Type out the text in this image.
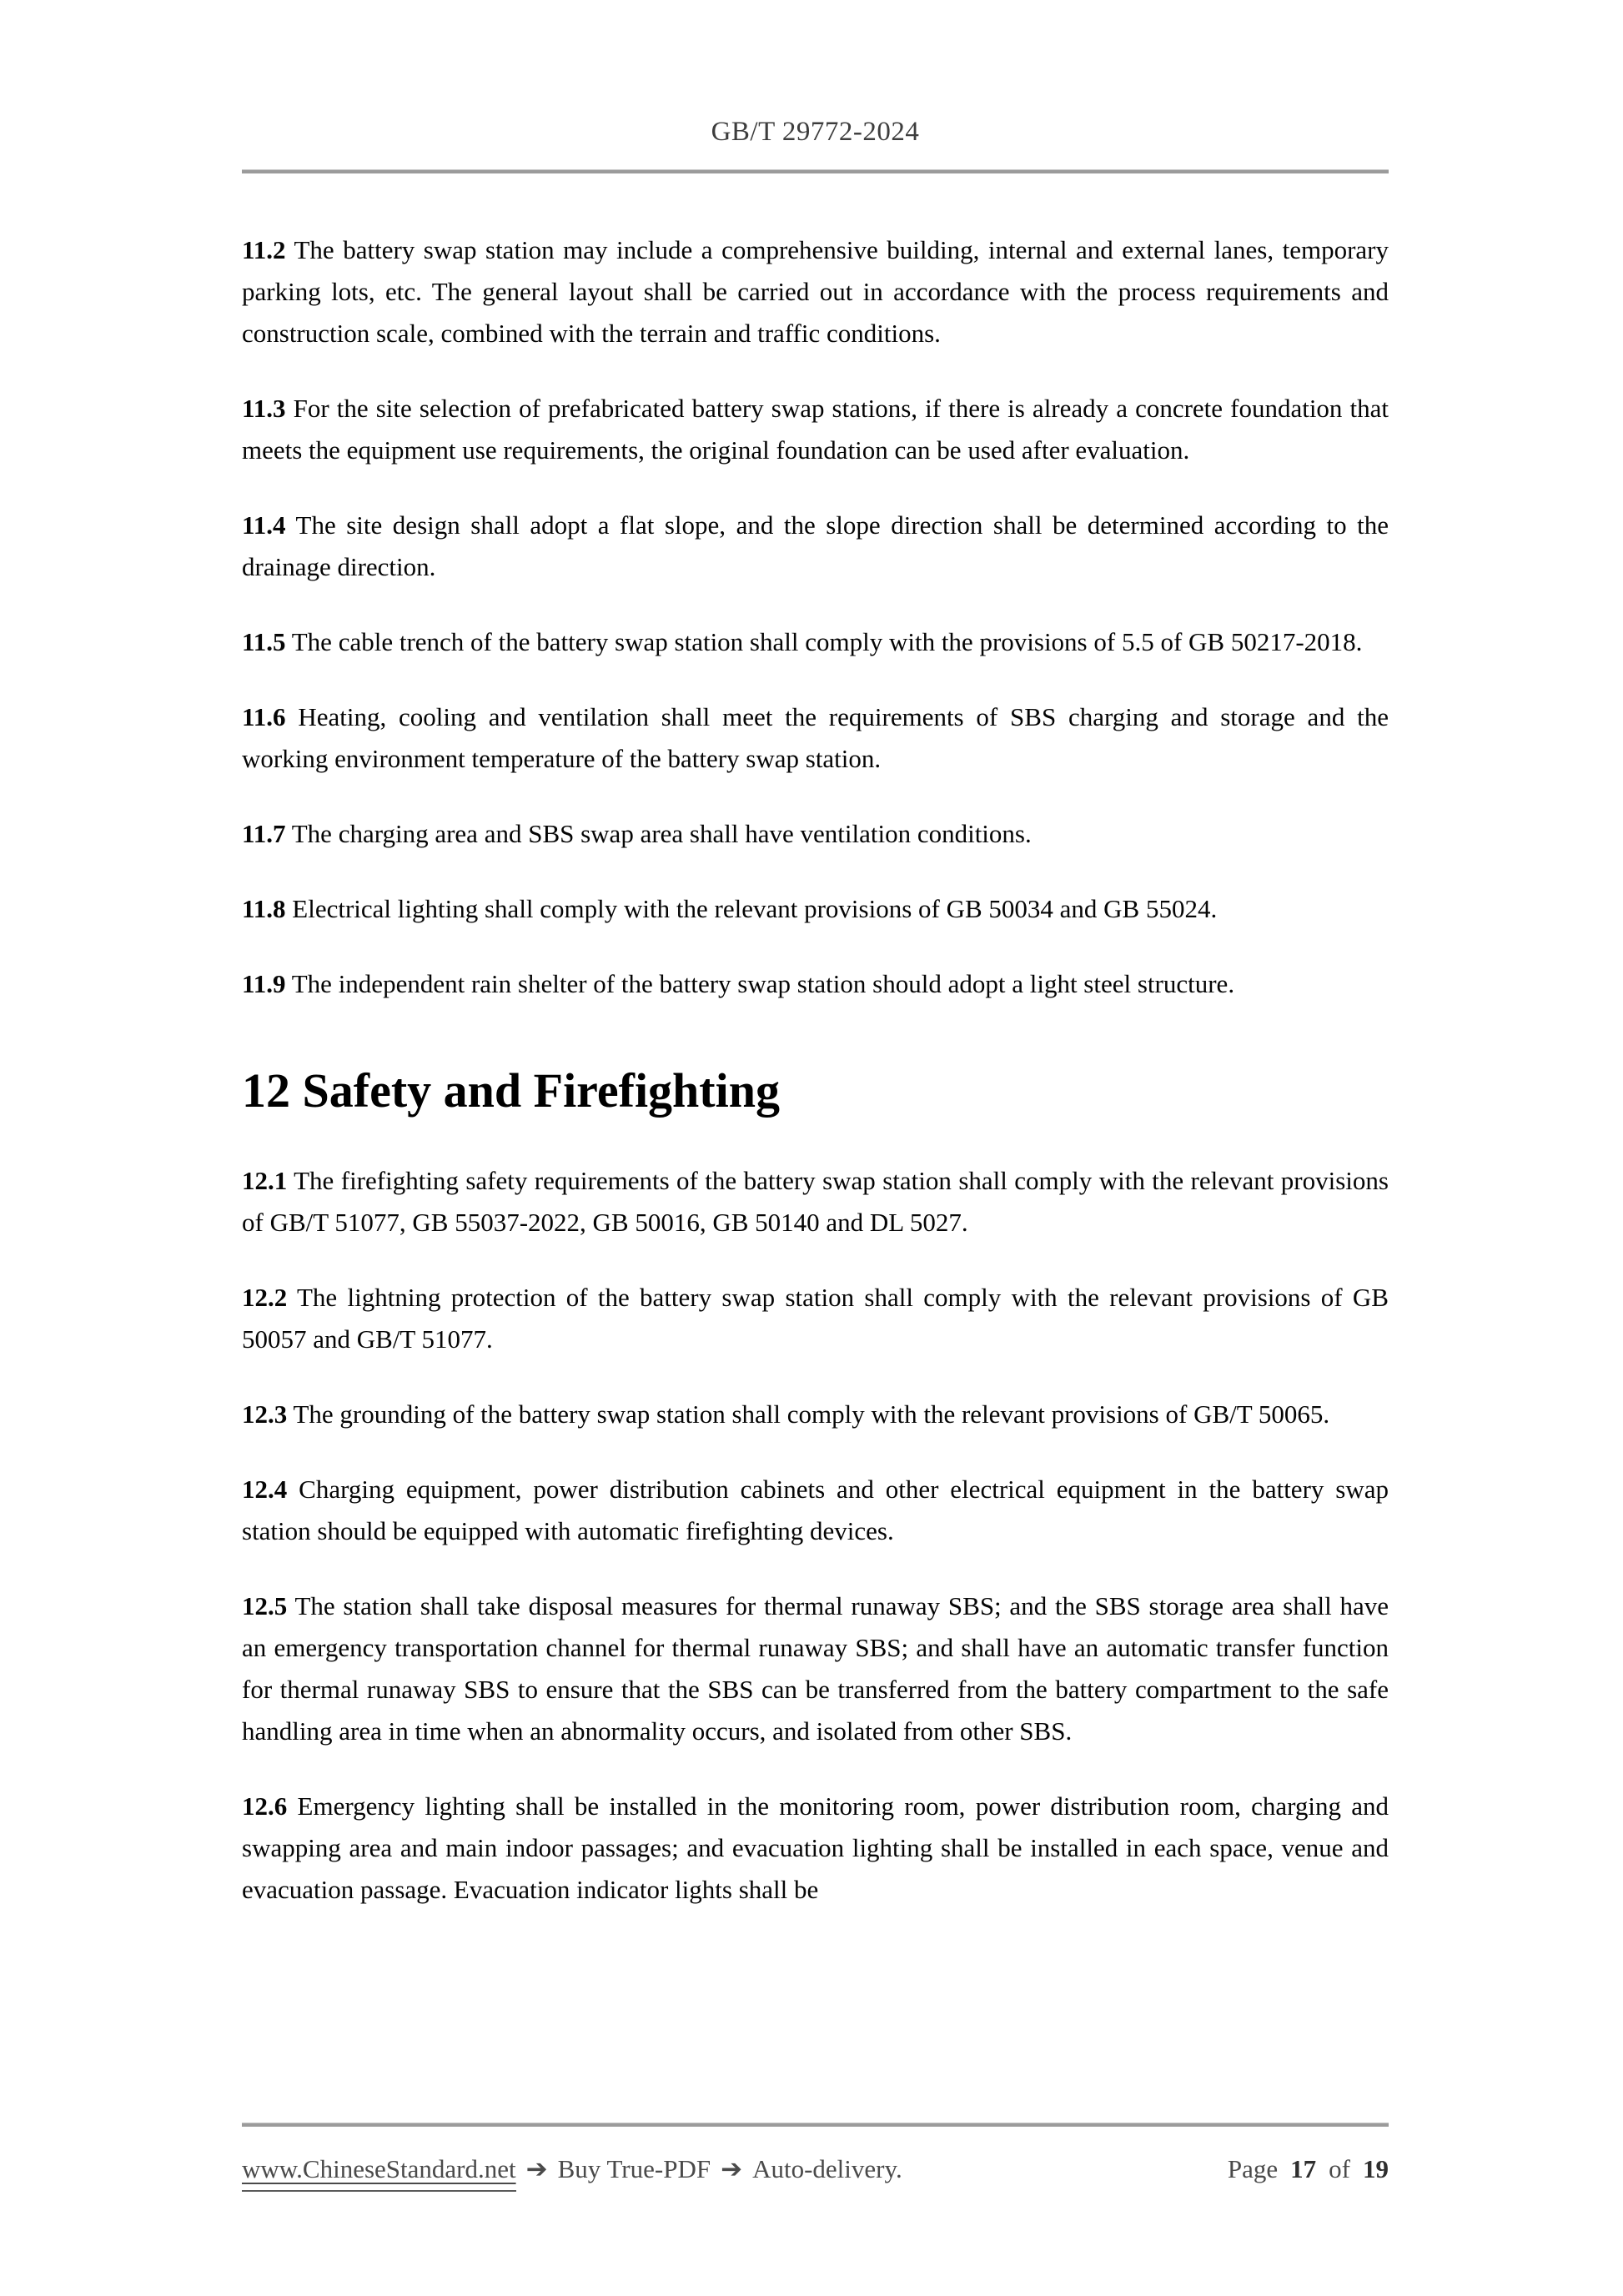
GB/T 29772-2024

11.2 The battery swap station may include a comprehensive building, internal and external lanes, temporary parking lots, etc. The general layout shall be carried out in accordance with the process requirements and construction scale, combined with the terrain and traffic conditions.

11.3 For the site selection of prefabricated battery swap stations, if there is already a concrete foundation that meets the equipment use requirements, the original foundation can be used after evaluation.

11.4 The site design shall adopt a flat slope, and the slope direction shall be determined according to the drainage direction.

11.5 The cable trench of the battery swap station shall comply with the provisions of 5.5 of GB 50217-2018.

11.6 Heating, cooling and ventilation shall meet the requirements of SBS charging and storage and the working environment temperature of the battery swap station.

11.7 The charging area and SBS swap area shall have ventilation conditions.

11.8 Electrical lighting shall comply with the relevant provisions of GB 50034 and GB 55024.

11.9 The independent rain shelter of the battery swap station should adopt a light steel structure.

12 Safety and Firefighting

12.1 The firefighting safety requirements of the battery swap station shall comply with the relevant provisions of GB/T 51077, GB 55037-2022, GB 50016, GB 50140 and DL 5027.

12.2 The lightning protection of the battery swap station shall comply with the relevant provisions of GB 50057 and GB/T 51077.

12.3 The grounding of the battery swap station shall comply with the relevant provisions of GB/T 50065.

12.4 Charging equipment, power distribution cabinets and other electrical equipment in the battery swap station should be equipped with automatic firefighting devices.

12.5 The station shall take disposal measures for thermal runaway SBS; and the SBS storage area shall have an emergency transportation channel for thermal runaway SBS; and shall have an automatic transfer function for thermal runaway SBS to ensure that the SBS can be transferred from the battery compartment to the safe handling area in time when an abnormality occurs, and isolated from other SBS.

12.6 Emergency lighting shall be installed in the monitoring room, power distribution room, charging and swapping area and main indoor passages; and evacuation lighting shall be installed in each space, venue and evacuation passage. Evacuation indicator lights shall be

www.ChineseStandard.net ➔ Buy True-PDF ➔ Auto-delivery.	Page 17 of 19
